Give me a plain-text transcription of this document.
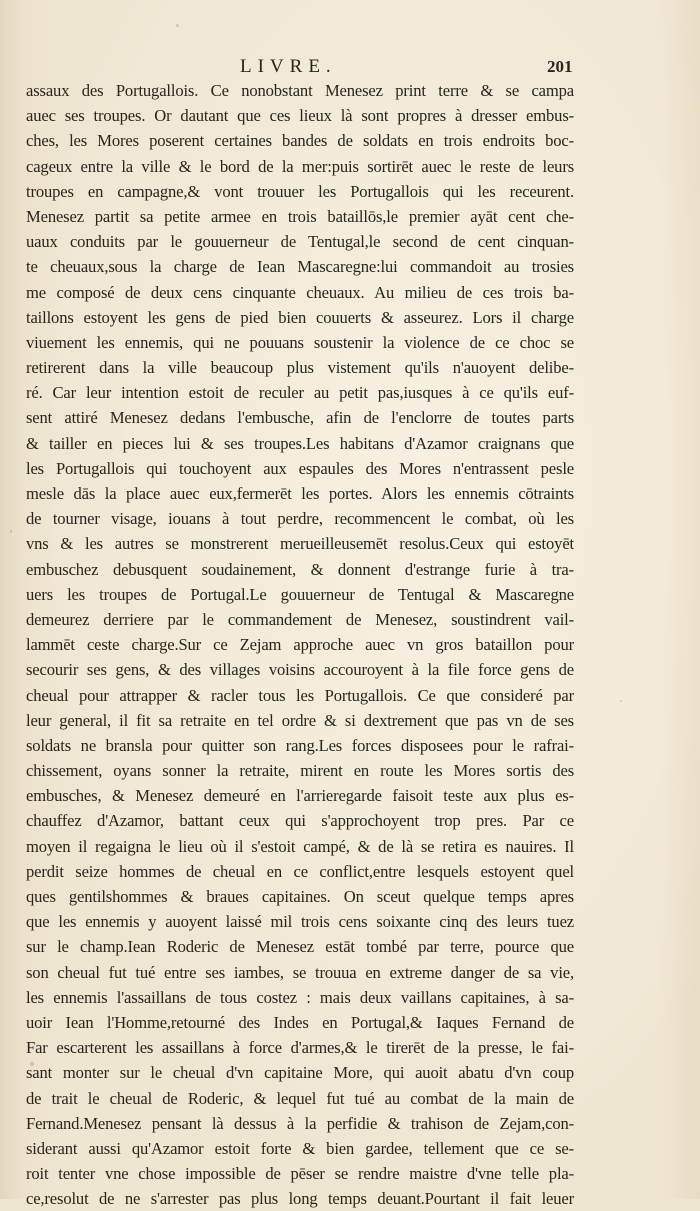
LIVRE.	201
assaux des Portugallois. Ce nonobstant Menesez print terre & se campa
auec ses troupes. Or dautant que ces lieux là sont propres à dresser embus-
ches, les Mores poserent certaines bandes de soldats en trois endroits boc-
cageux entre la ville & le bord de la mer:puis sortirēt auec le reste de leurs
troupes en campagne,& vont trouuer les Portugallois qui les receurent.
Menesez partit sa petite armee en trois bataillōs,le premier ayāt cent che-
uaux conduits par le gouuerneur de Tentugal,le second de cent cinquan-
te cheuaux,sous la charge de Iean Mascaregne:lui commandoit au trosies
me composé de deux cens cinquante cheuaux. Au milieu de ces trois ba-
taillons estoyent les gens de pied bien couuerts & asseurez. Lors il charge
viuement les ennemis, qui ne pouuans soustenir la violence de ce choc se
retirerent dans la ville beaucoup plus vistement qu'ils n'auoyent delibe-
ré. Car leur intention estoit de reculer au petit pas,iusques à ce qu'ils euf-
sent attiré Menesez dedans l'embusche, afin de l'enclorre de toutes parts
& tailler en pieces lui & ses troupes.Les habitans d'Azamor craignans que
les Portugallois qui touchoyent aux espaules des Mores n'entrassent pesle
mesle dās la place auec eux,fermerēt les portes. Alors les ennemis cōtraints
de tourner visage, iouans à tout perdre, recommencent le combat, où les
vns & les autres se monstrerent merueilleusemēt resolus.Ceux qui estoyēt
embuschez debusquent soudainement, & donnent d'estrange furie à tra-
uers les troupes de Portugal.Le gouuerneur de Tentugal & Mascaregne
demeurez derriere par le commandement de Menesez, soustindrent vail-
lammēt ceste charge.Sur ce Zejam approche auec vn gros bataillon pour
secourir ses gens, & des villages voisins accouroyent à la file force gens de
cheual pour attrapper & racler tous les Portugallois. Ce que consideré par
leur general, il fit sa retraite en tel ordre & si dextrement que pas vn de ses
soldats ne bransla pour quitter son rang.Les forces disposees pour le rafrai-
chissement, oyans sonner la retraite, mirent en route les Mores sortis des
embusches, & Menesez demeuré en l'arrieregarde faisoit teste aux plus es-
chauffez d'Azamor, battant ceux qui s'approchoyent trop pres. Par ce
moyen il regaigna le lieu où il s'estoit campé, & de là se retira es nauires. Il
perdit seize hommes de cheual en ce conflict,entre lesquels estoyent quel
ques gentilshommes & braues capitaines. On sceut quelque temps apres
que les ennemis y auoyent laissé mil trois cens soixante cinq des leurs tuez
sur le champ.Iean Roderic de Menesez estāt tombé par terre, pource que
son cheual fut tué entre ses iambes, se trouua en extreme danger de sa vie,
les ennemis l'assaillans de tous costez : mais deux vaillans capitaines, à sa-
uoir Iean l'Homme,retourné des Indes en Portugal,& Iaques Fernand de
Far escarterent les assaillans à force d'armes,& le tirerēt de la presse, le fai-
sant monter sur le cheual d'vn capitaine More, qui auoit abatu d'vn coup
de trait le cheual de Roderic, & lequel fut tué au combat de la main de
Fernand.Menesez pensant là dessus à la perfidie & trahison de Zejam,con-
siderant aussi qu'Azamor estoit forte & bien gardee, tellement que ce se-
roit tenter vne chose impossible de pēser se rendre maistre d'vne telle pla-
ce,resolut de ne s'arrester pas plus long temps deuant.Pourtant il fait leuer
